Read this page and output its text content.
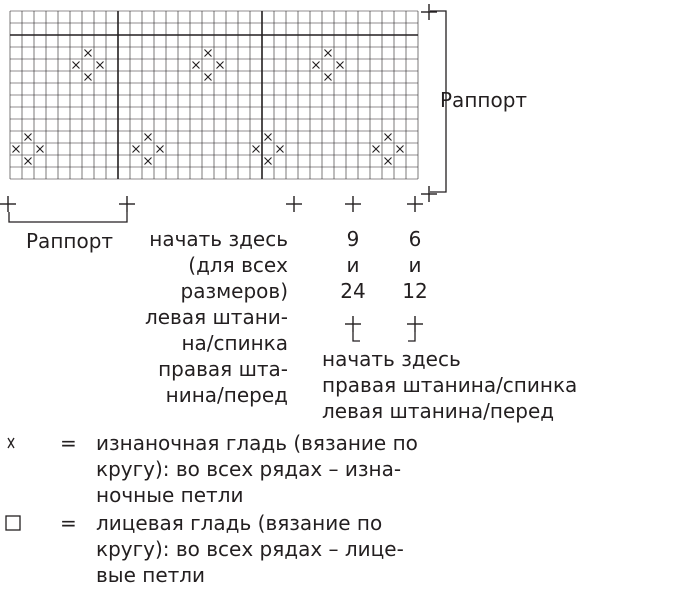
Раппорт
Раппорт	начать здесь
(для всех
размеров)
левая штани-
на/спинка
правая шта-
нина/перед
9
и
24
6
и
12
начать здесь
правая штанина/спинка
левая штанина/перед
= изнаночная гладь (вязание по
кругу): во всех рядах – изна-
ночные петли
= лицевая гладь (вязание по
кругу): во всех рядах – лице-
вые петли
